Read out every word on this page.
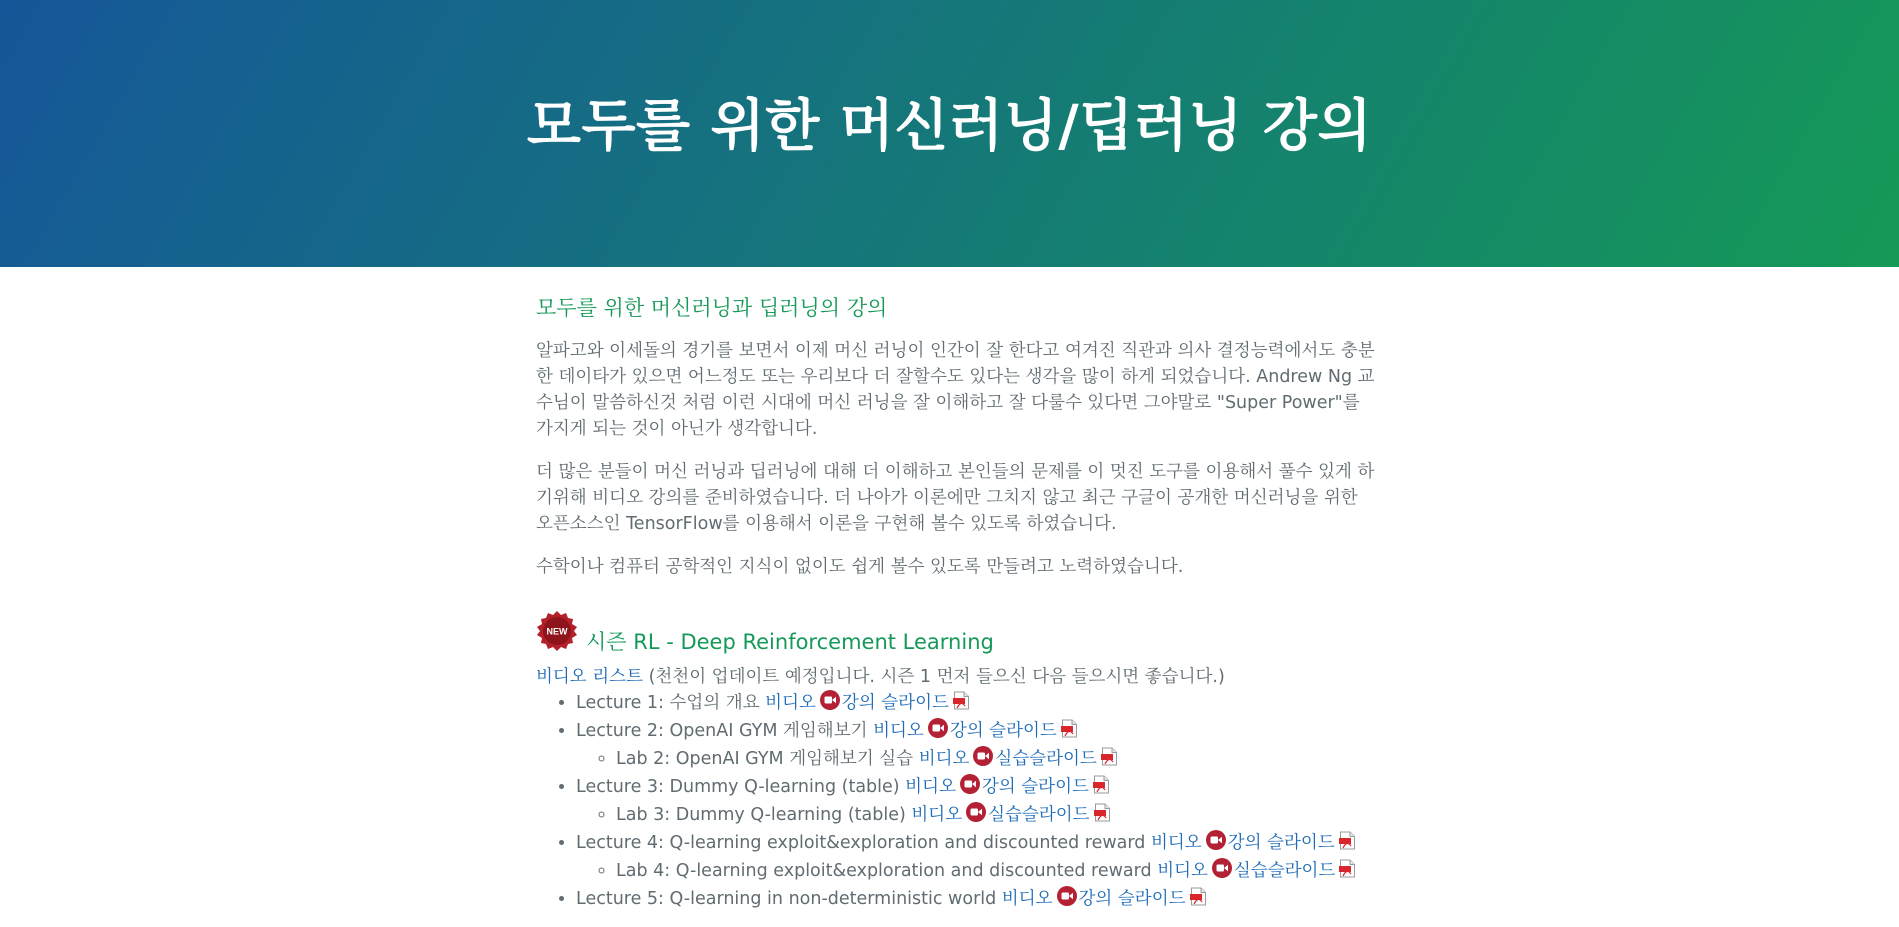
모두를 위한 머신러닝/딥러닝 강의
모두를 위한 머신러닝과 딥러닝의 강의

알파고와 이세돌의 경기를 보면서 이제 머신 러닝이 인간이 잘 한다고 여겨진 직관과 의사 결정능력에서도 충분한 데이타가 있으면 어느정도 또는 우리보다 더 잘할수도 있다는 생각을 많이 하게 되었습니다. Andrew Ng 교수님이 말씀하신것 처럼 이런 시대에 머신 러닝을 잘 이해하고 잘 다룰수 있다면 그야말로 "Super Power"를 가지게 되는 것이 아닌가 생각합니다.

더 많은 분들이 머신 러닝과 딥러닝에 대해 더 이해하고 본인들의 문제를 이 멋진 도구를 이용해서 풀수 있게 하기위해 비디오 강의를 준비하였습니다. 더 나아가 이론에만 그치지 않고 최근 구글이 공개한 머신러닝을 위한 오픈소스인 TensorFlow를 이용해서 이론을 구현해 볼수 있도록 하였습니다.

수학이나 컴퓨터 공학적인 지식이 없이도 쉽게 볼수 있도록 만들려고 노력하였습니다.

NEW 시즌 RL - Deep Reinforcement Learning
비디오 리스트 (천천이 업데이트 예정입니다. 시즌 1 먼저 들으신 다음 들으시면 좋습니다.)
• Lecture 1: 수업의 개요 비디오 강의 슬라이드
• Lecture 2: OpenAI GYM 게임해보기 비디오 강의 슬라이드
◦ Lab 2: OpenAI GYM 게임해보기 실습 비디오 실습슬라이드
• Lecture 3: Dummy Q-learning (table) 비디오 강의 슬라이드
◦ Lab 3: Dummy Q-learning (table) 비디오 실습슬라이드
• Lecture 4: Q-learning exploit&exploration and discounted reward 비디오 강의 슬라이드
◦ Lab 4: Q-learning exploit&exploration and discounted reward 비디오 실습슬라이드
• Lecture 5: Q-learning in non-deterministic world 비디오 강의 슬라이드
